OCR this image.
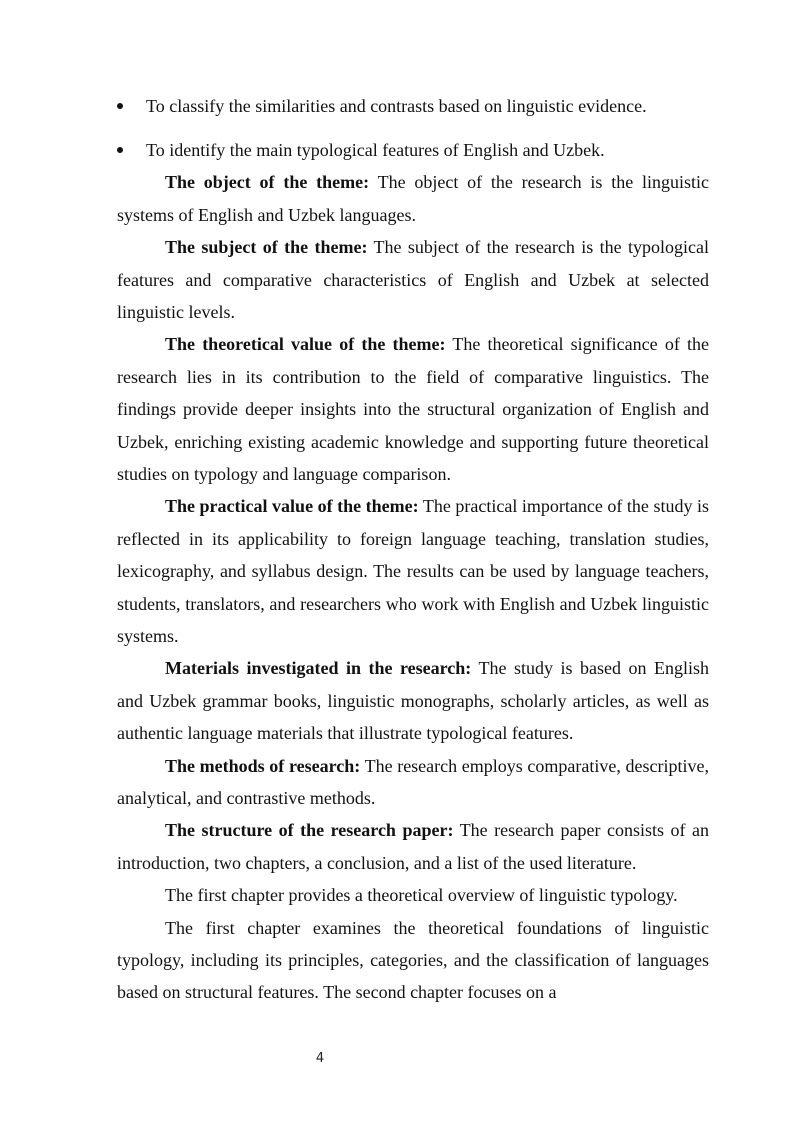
To classify the similarities and contrasts based on linguistic evidence.
To identify the main typological features of English and Uzbek.

The object of the theme: The object of the research is the linguistic systems of English and Uzbek languages.

The subject of the theme: The subject of the research is the typological features and comparative characteristics of English and Uzbek at selected linguistic levels.

The theoretical value of the theme: The theoretical significance of the research lies in its contribution to the field of comparative linguistics. The findings provide deeper insights into the structural organization of English and Uzbek, enriching existing academic knowledge and supporting future theoretical studies on typology and language comparison.

The practical value of the theme: The practical importance of the study is reflected in its applicability to foreign language teaching, translation studies, lexicography, and syllabus design. The results can be used by language teachers, students, translators, and researchers who work with English and Uzbek linguistic systems.

Materials investigated in the research: The study is based on English and Uzbek grammar books, linguistic monographs, scholarly articles, as well as authentic language materials that illustrate typological features.

The methods of research: The research employs comparative, descriptive, analytical, and contrastive methods.

The structure of the research paper: The research paper consists of an introduction, two chapters, a conclusion, and a list of the used literature.

The first chapter provides a theoretical overview of linguistic typology.

The first chapter examines the theoretical foundations of linguistic typology, including its principles, categories, and the classification of languages based on structural features. The second chapter focuses on a

4
